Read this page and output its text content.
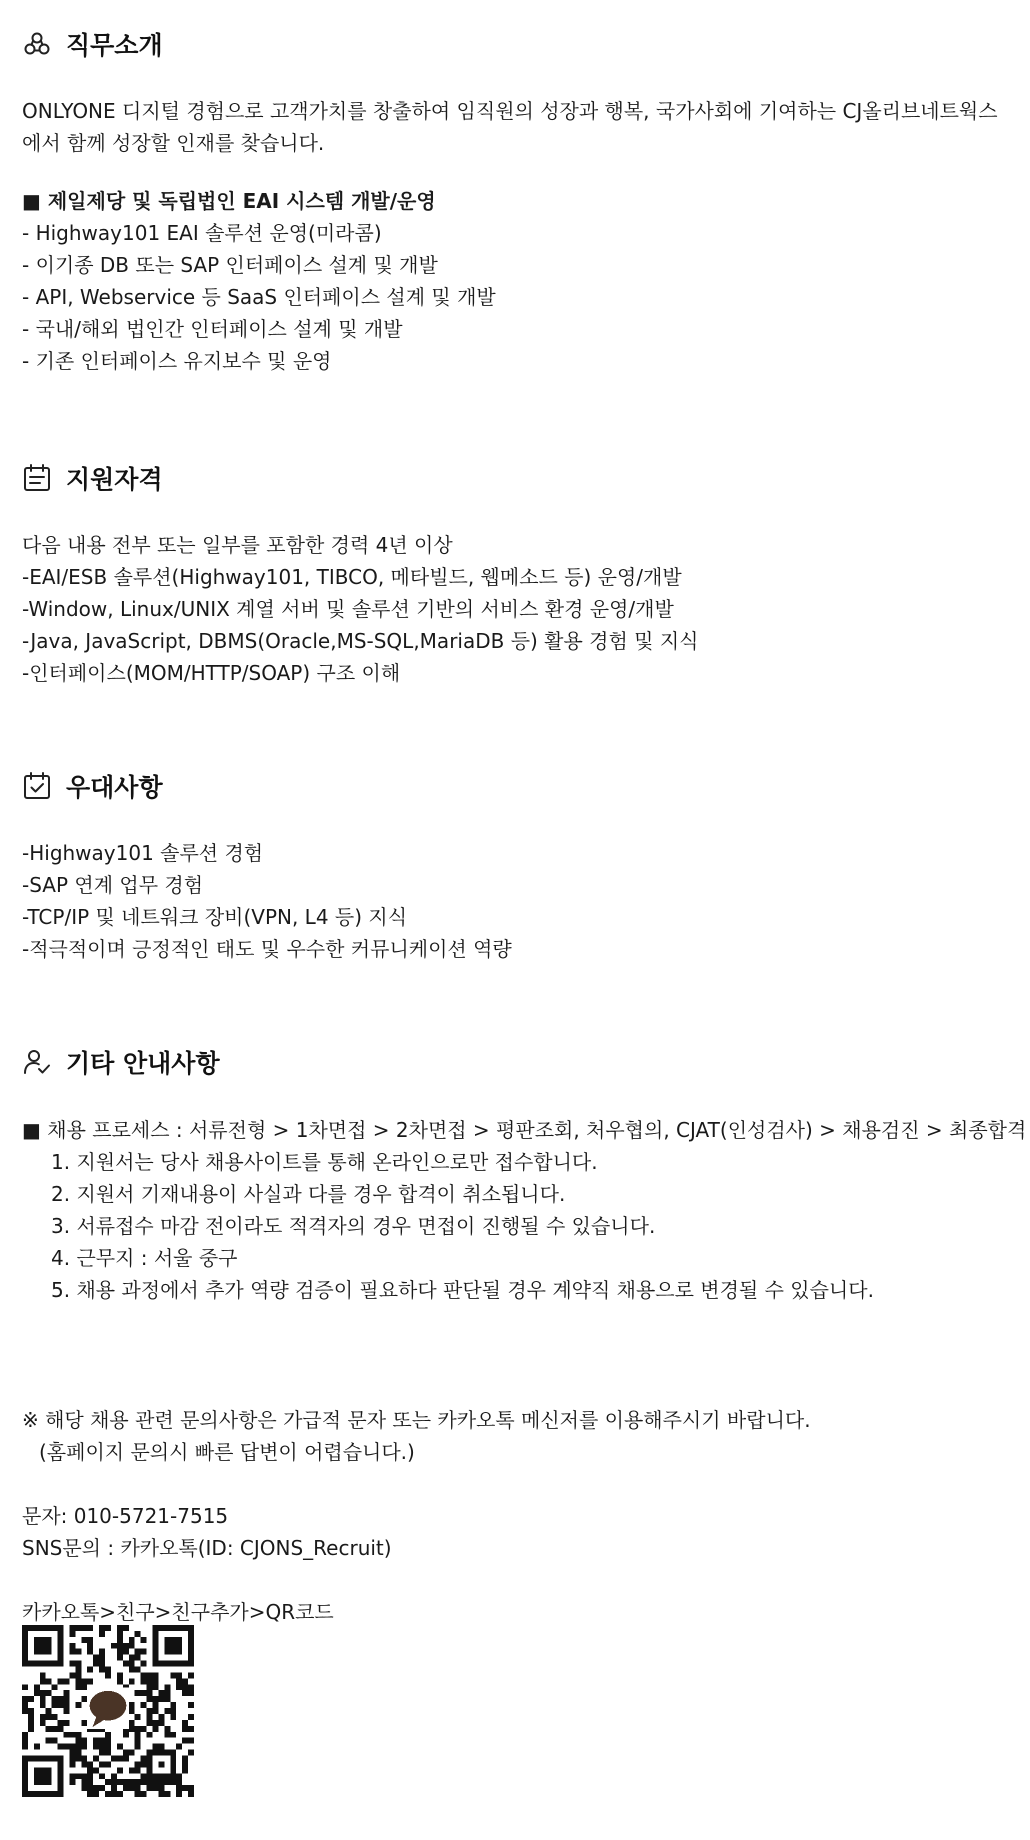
직무소개
ONLYONE 디지털 경험으로 고객가치를 창출하여 임직원의 성장과 행복, 국가사회에 기여하는 CJ올리브네트웍스에서 함께 성장할 인재를 찾습니다.
■ 제일제당 및 독립법인 EAI 시스템 개발/운영
- Highway101 EAI 솔루션 운영(미라콤)
- 이기종 DB 또는 SAP 인터페이스 설계 및 개발
- API, Webservice 등 SaaS 인터페이스 설계 및 개발
- 국내/해외 법인간 인터페이스 설계 및 개발
- 기존 인터페이스 유지보수 및 운영
지원자격
다음 내용 전부 또는 일부를 포함한 경력 4년 이상
-EAI/ESB 솔루션(Highway101, TIBCO, 메타빌드, 웹메소드 등) 운영/개발
-Window, Linux/UNIX 계열 서버 및 솔루션 기반의 서비스 환경 운영/개발
-Java, JavaScript, DBMS(Oracle,MS-SQL,MariaDB 등) 활용 경험 및 지식
-인터페이스(MOM/HTTP/SOAP) 구조 이해
우대사항
-Highway101 솔루션 경험
-SAP 연계 업무 경험
-TCP/IP 및 네트워크 장비(VPN, L4 등) 지식
-적극적이며 긍정적인 태도 및 우수한 커뮤니케이션 역량
기타 안내사항
■ 채용 프로세스 : 서류전형 > 1차면접 > 2차면접 > 평판조회, 처우협의, CJAT(인성검사) > 채용검진 > 최종합격
1. 지원서는 당사 채용사이트를 통해 온라인으로만 접수합니다.
2. 지원서 기재내용이 사실과 다를 경우 합격이 취소됩니다.
3. 서류접수 마감 전이라도 적격자의 경우 면접이 진행될 수 있습니다.
4. 근무지 : 서울 중구
5. 채용 과정에서 추가 역량 검증이 필요하다 판단될 경우 계약직 채용으로 변경될 수 있습니다.
※ 해당 채용 관련 문의사항은 가급적 문자 또는 카카오톡 메신저를 이용해주시기 바랍니다.
(홈페이지 문의시 빠른 답변이 어렵습니다.)
문자: 010-5721-7515
SNS문의 : 카카오톡(ID: CJONS_Recruit)
카카오톡>친구>친구추가>QR코드
